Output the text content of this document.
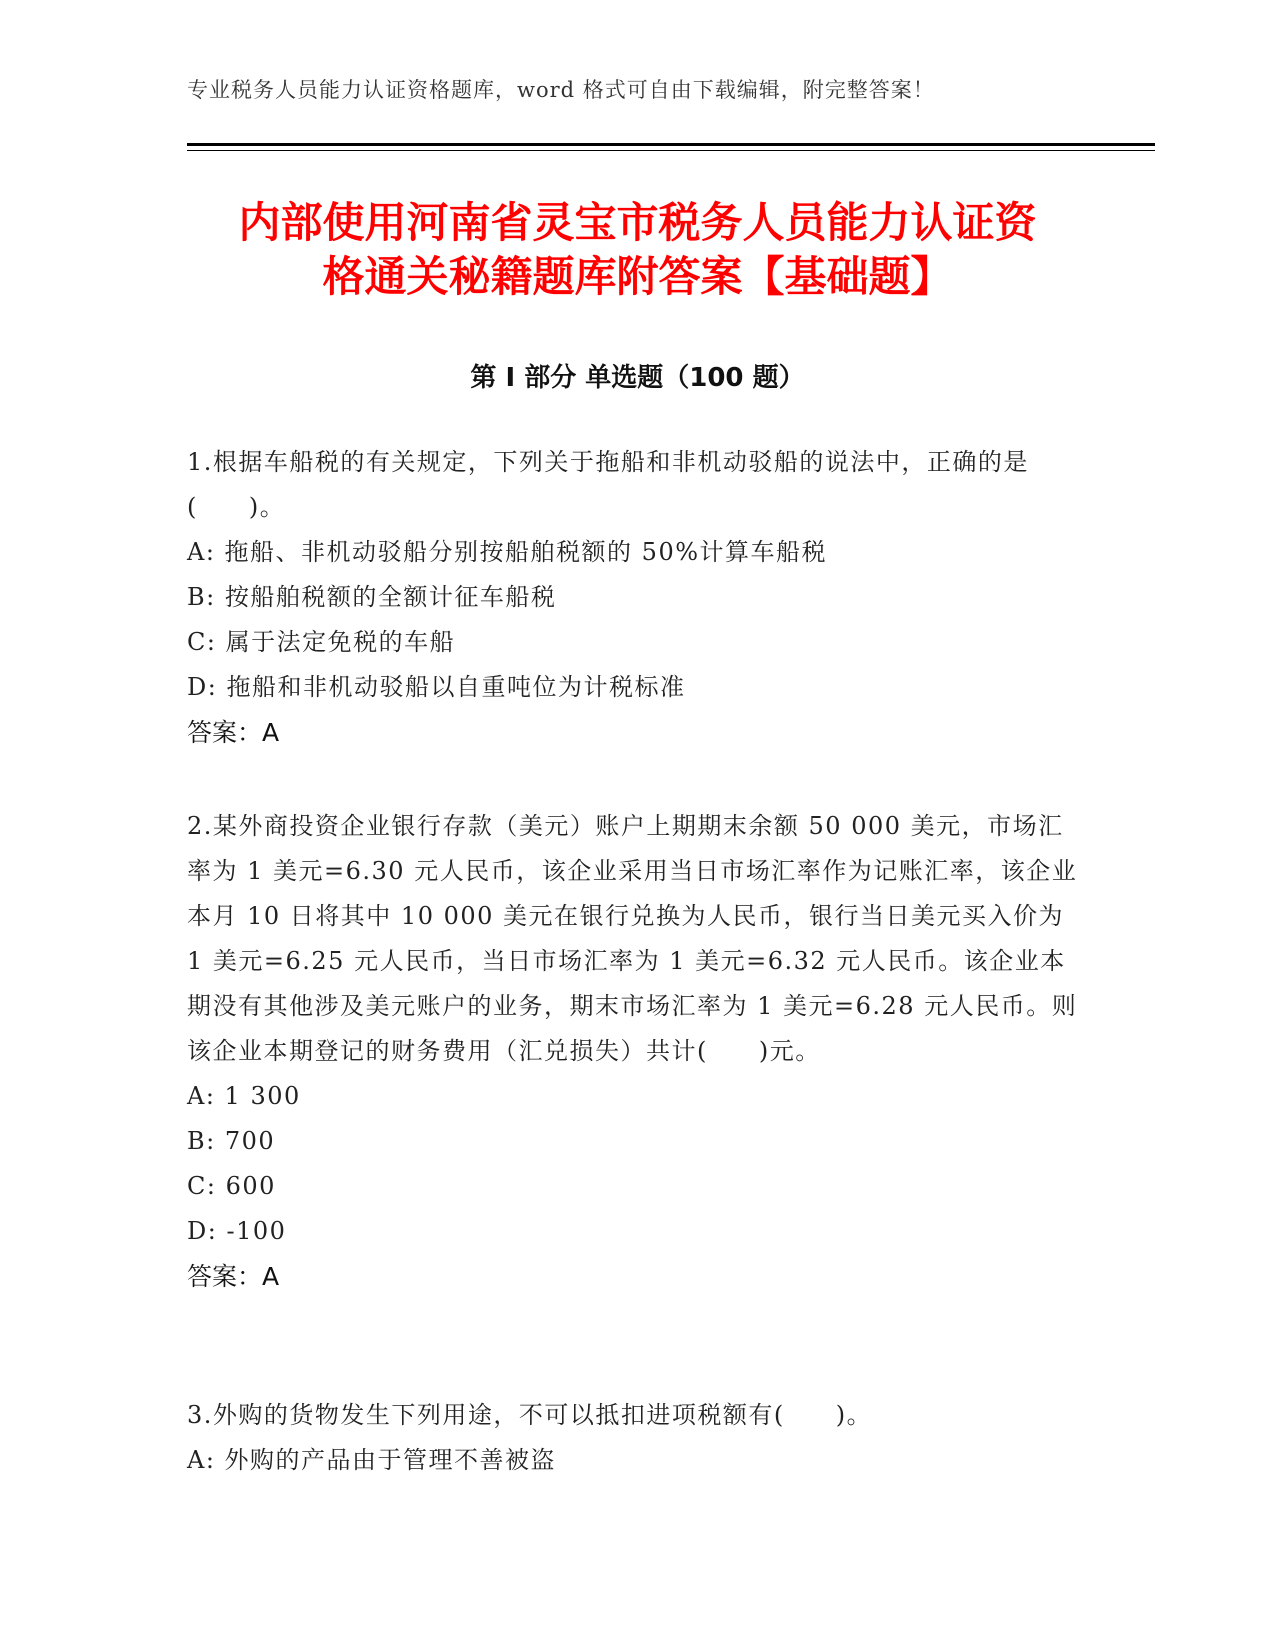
专业税务人员能力认证资格题库，word 格式可自由下载编辑，附完整答案！
内部使用河南省灵宝市税务人员能力认证资
格通关秘籍题库附答案【基础题】
第 I 部分 单选题（100 题）

1.根据车船税的有关规定，下列关于拖船和非机动驳船的说法中，正确的是(　　)。

A: 拖船、非机动驳船分别按船舶税额的 50%计算车船税

B: 按船舶税额的全额计征车船税

C: 属于法定免税的车船

D: 拖船和非机动驳船以自重吨位为计税标准

答案：A

2.某外商投资企业银行存款（美元）账户上期期末余额 50 000 美元，市场汇率为 1 美元=6.30 元人民币，该企业采用当日市场汇率作为记账汇率，该企业本月 10 日将其中 10 000 美元在银行兑换为人民币，银行当日美元买入价为 1 美元=6.25 元人民币，当日市场汇率为 1 美元=6.32 元人民币。该企业本期没有其他涉及美元账户的业务，期末市场汇率为 1 美元=6.28 元人民币。则该企业本期登记的财务费用（汇兑损失）共计(　　)元。

A: 1 300

B: 700

C: 600

D: -100

答案：A

3.外购的货物发生下列用途，不可以抵扣进项税额有(　　)。

A: 外购的产品由于管理不善被盗
